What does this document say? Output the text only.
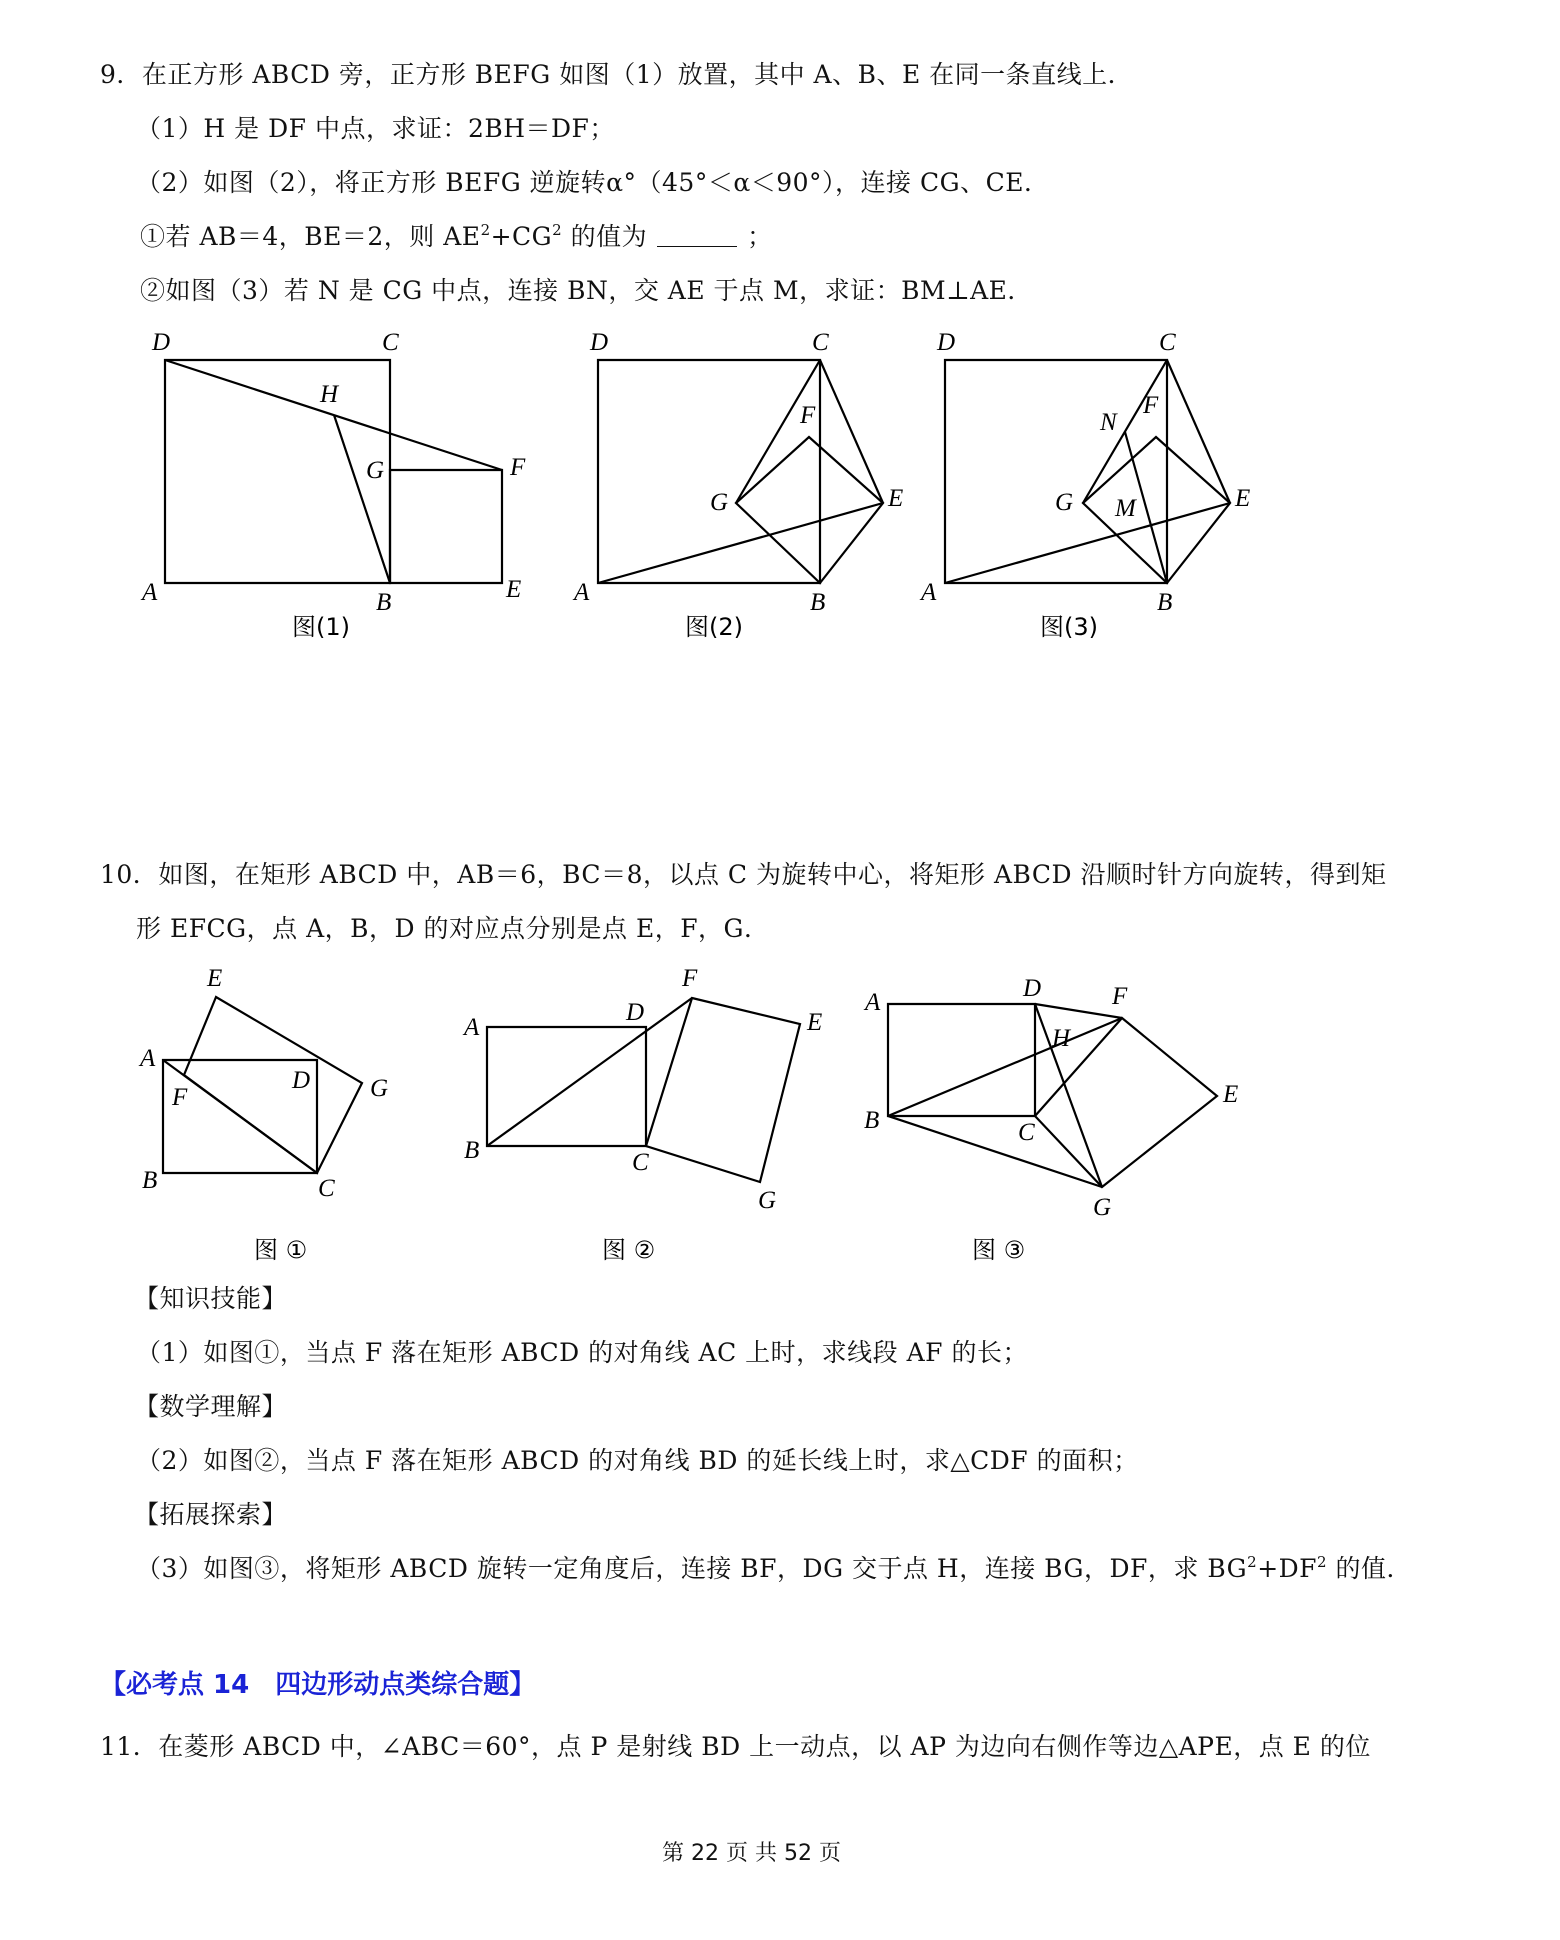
9．在正方形 ABCD 旁，正方形 BEFG 如图（1）放置，其中 A、B、E 在同一条直线上．
（1）H 是 DF 中点，求证：2BH＝DF；
（2）如图（2），将正方形 BEFG 逆旋转α°（45°＜α＜90°），连接 CG、CE．
①若 AB＝4，BE＝2，则 $AE^2+CG^2$ 的值为	；
②如图（3）若 N 是 CG 中点，连接 BN，交 AE 于点 M，求证：BM⊥AE．
D	C
H
G	F
A	B	E
图(1)
D	C
F
G	E
A	B
图(2)
D	C
N
F
G M	E
A	B
图(3)
10．如图，在矩形 ABCD 中，AB＝6，BC＝8，以点 C 为旋转中心，将矩形 ABCD 沿顺时针方向旋转，得到矩
形 EFCG，点 A，B，D 的对应点分别是点 E，F，G．
E
A
D G
F
B	C
图 ①
F
D	E
A
B	C
G
图 ②
A
D	F
H
E
B	C
G
图 ③
【知识技能】
（1）如图①，当点 F 落在矩形 ABCD 的对角线 AC 上时，求线段 AF 的长；
【数学理解】
（2）如图②，当点 F 落在矩形 ABCD 的对角线 BD 的延长线上时，求△CDF 的面积；
【拓展探索】
（3）如图③，将矩形 ABCD 旋转一定角度后，连接 BF，DG 交于点 H，连接 BG，DF，求 $BG^2+DF^2$ 的值．
【必考点 14　四边形动点类综合题】
11．在菱形 ABCD 中，∠ABC＝60°，点 P 是射线 BD 上一动点，以 AP 为边向右侧作等边△APE，点 E 的位
第 22 页 共 52 页
